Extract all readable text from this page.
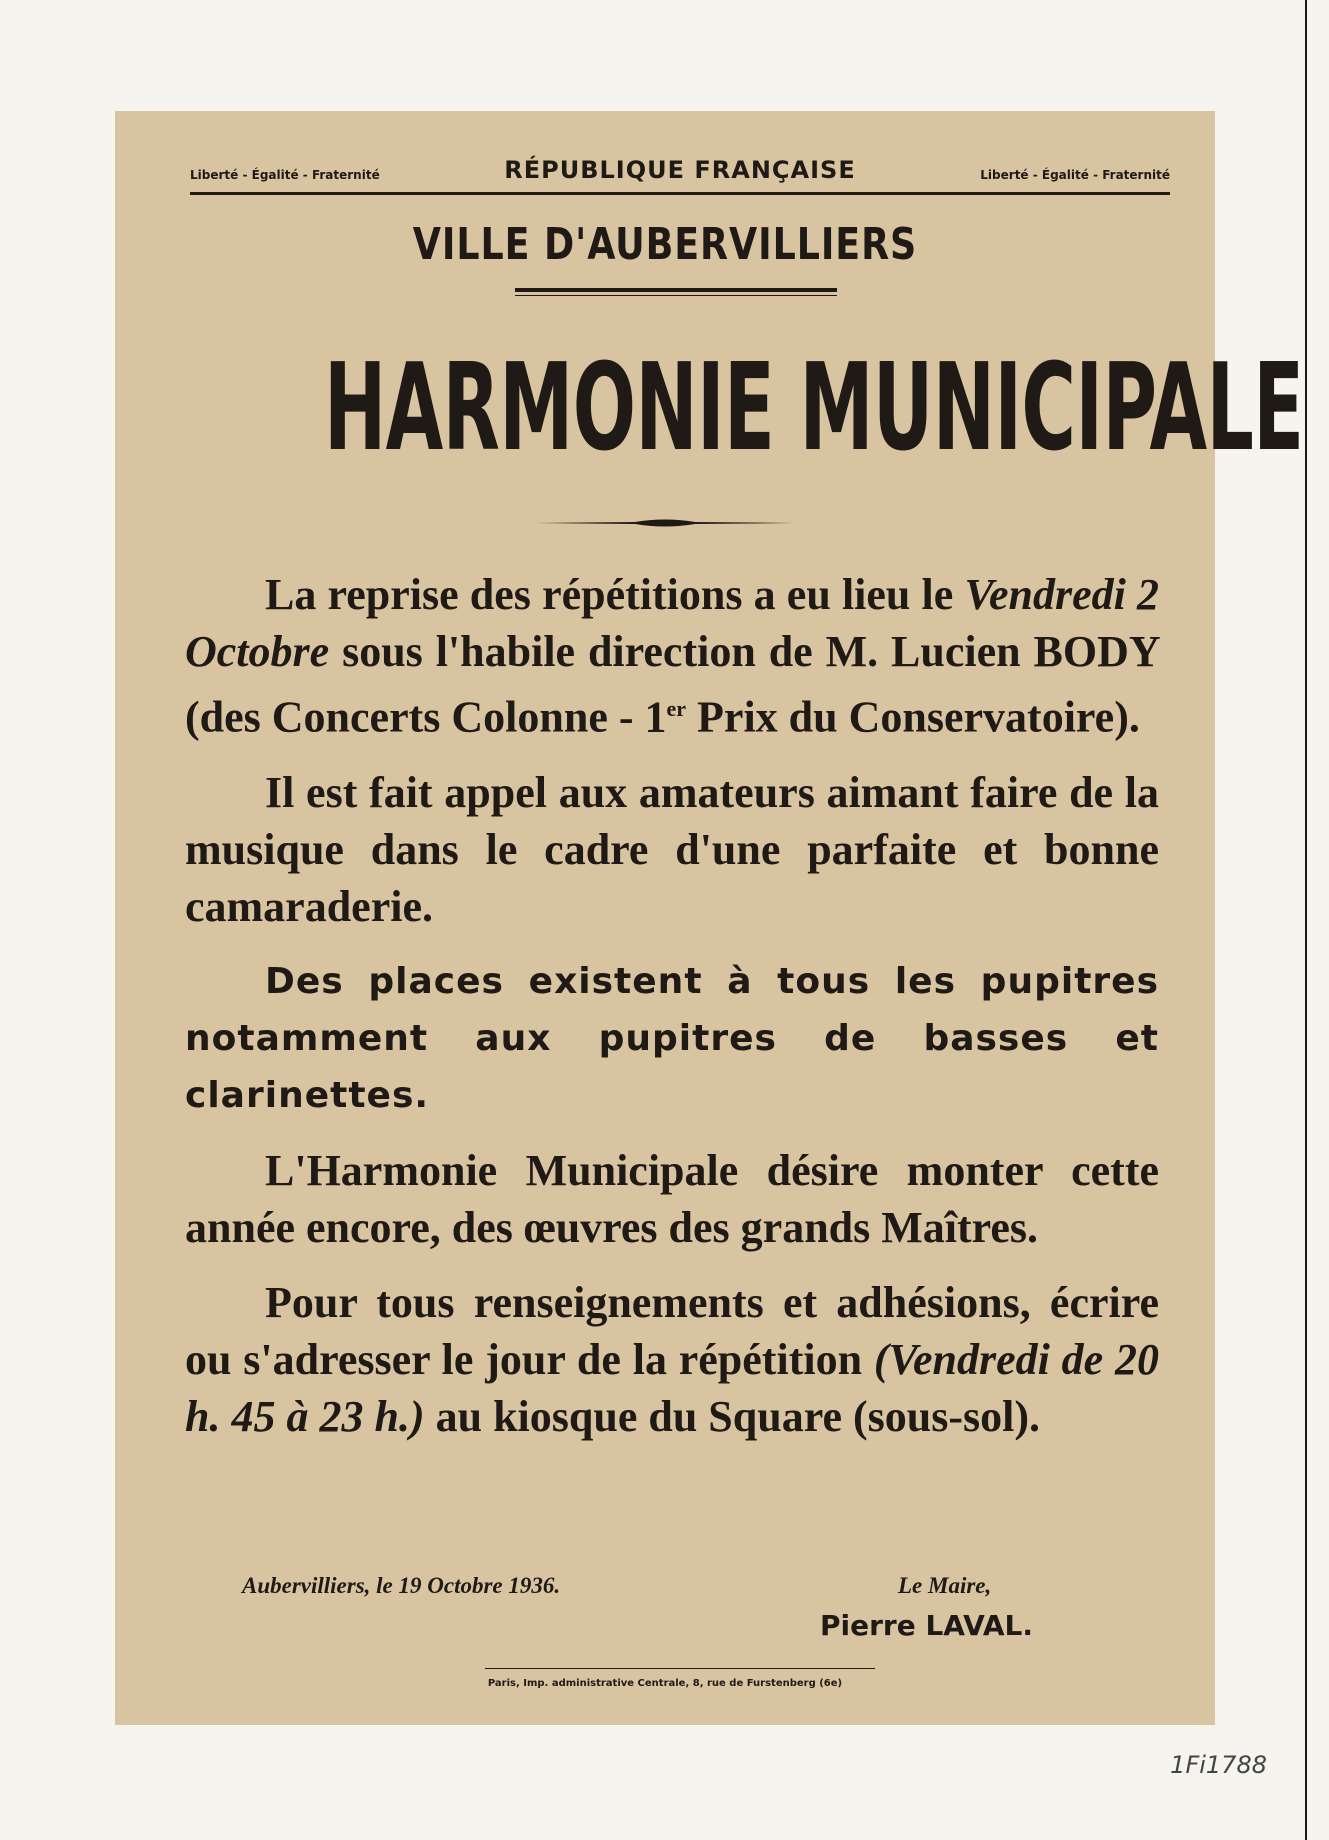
Liberté - Égalité - Fraternité	RÉPUBLIQUE FRANÇAISE	Liberté - Égalité - Fraternité
VILLE D'AUBERVILLIERS
HARMONIE MUNICIPALE

La reprise des répétitions a eu lieu le Vendredi 2 Octobre sous l'habile direction de M. Lucien BODY (des Concerts Colonne - 1er Prix du Conservatoire).

Il est fait appel aux amateurs aimant faire de la musique dans le cadre d'une parfaite et bonne camaraderie.

Des places existent à tous les pupitres notamment aux pupitres de basses et clarinettes.

L'Harmonie Municipale désire monter cette année encore, des œuvres des grands Maîtres.

Pour tous renseignements et adhésions, écrire ou s'adresser le jour de la répétition (Vendredi de 20 h. 45 à 23 h.) au kiosque du Square (sous-sol).

Aubervilliers, le 19 Octobre 1936.	Le Maire,
Pierre LAVAL.
Paris, Imp. administrative Centrale, 8, rue de Furstenberg (6e)
1Fi1788
